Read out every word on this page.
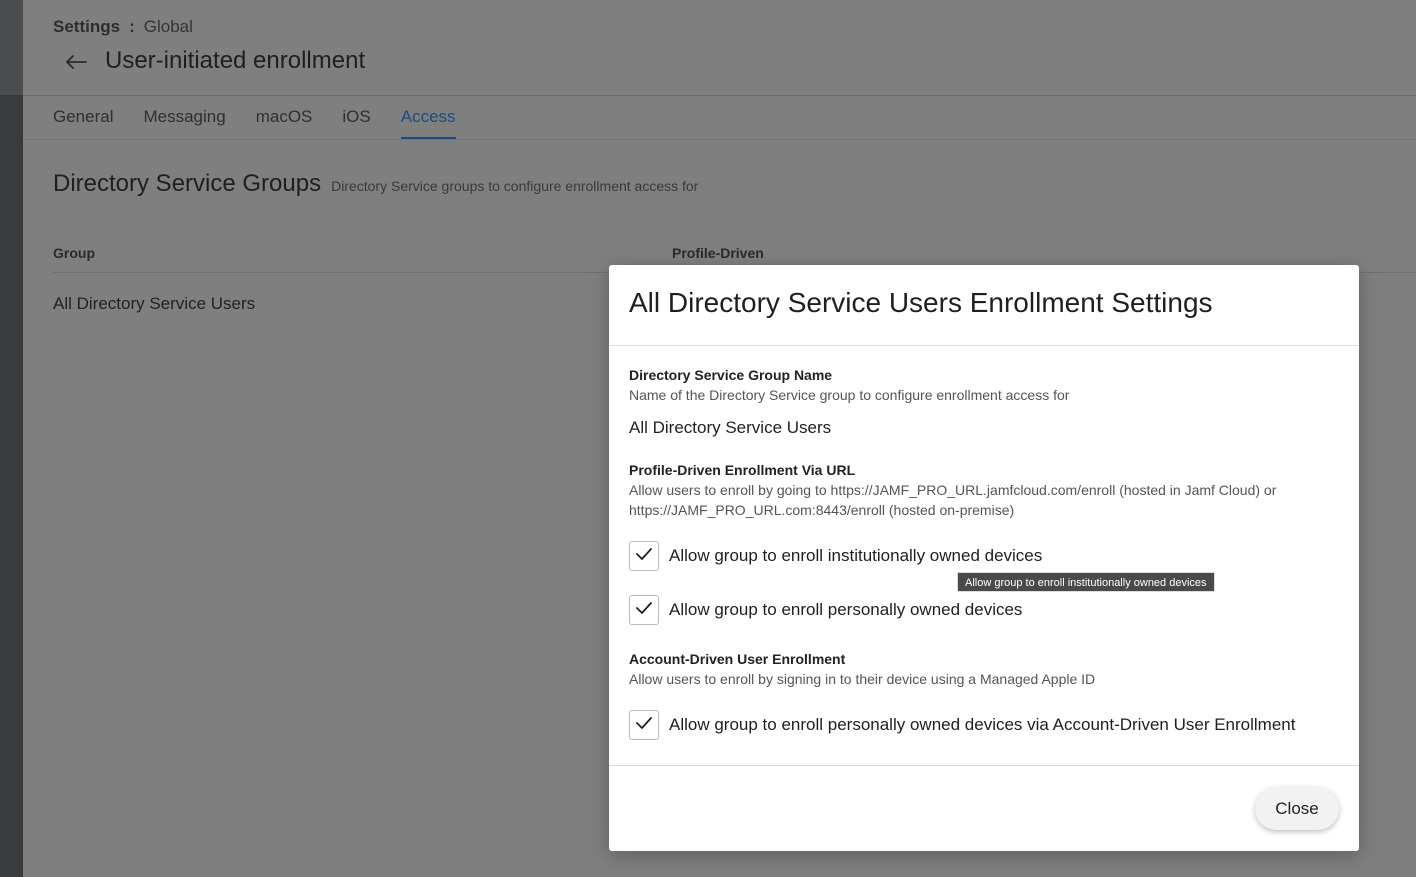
Settings : Global
User-initiated enrollment
General Messaging macOS iOS Access
Directory Service Groups Directory Service groups to configure enrollment access for
Group	Profile-Driven
All Directory Service Users	All Directory Service Users Enrollment Settings
Directory Service Group Name
Name of the Directory Service group to configure enrollment access for
All Directory Service Users
Profile-Driven Enrollment Via URL
Allow users to enroll by going to https://JAMF_PRO_URL.jamfcloud.com/enroll (hosted in Jamf Cloud) or https://JAMF_PRO_URL.com:8443/enroll (hosted on-premise)
Allow group to enroll institutionally owned devices
Allow group to enroll institutionally owned devices
Allow group to enroll personally owned devices
Account-Driven User Enrollment
Allow users to enroll by signing in to their device using a Managed Apple ID
Allow group to enroll personally owned devices via Account-Driven User Enrollment
Close
